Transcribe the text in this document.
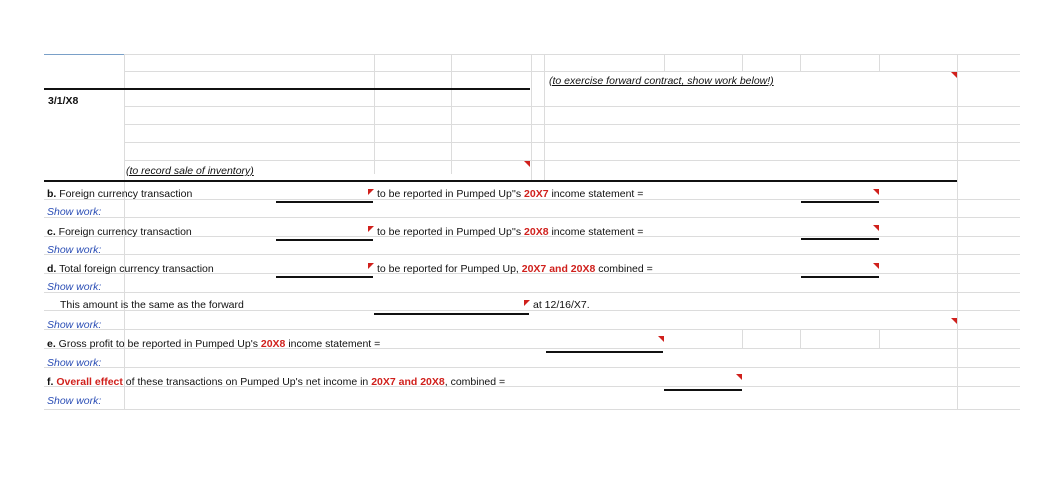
3/1/X8
(to exercise forward contract, show work below!)
(to record sale of inventory)
b. Foreign currency transaction	to be reported in Pumped Up''s 20X7 income statement =
Show work:
c. Foreign currency transaction	to be reported in Pumped Up''s 20X8 income statement =
Show work:
d. Total foreign currency transaction	to be reported for Pumped Up, 20X7 and 20X8 combined =
Show work:
This amount is the same as the forward	at 12/16/X7.
Show work:
e. Gross profit to be reported in Pumped Up's 20X8 income statement =
Show work:
f. Overall effect of these transactions on Pumped Up's net income in 20X7 and 20X8, combined =
Show work:
